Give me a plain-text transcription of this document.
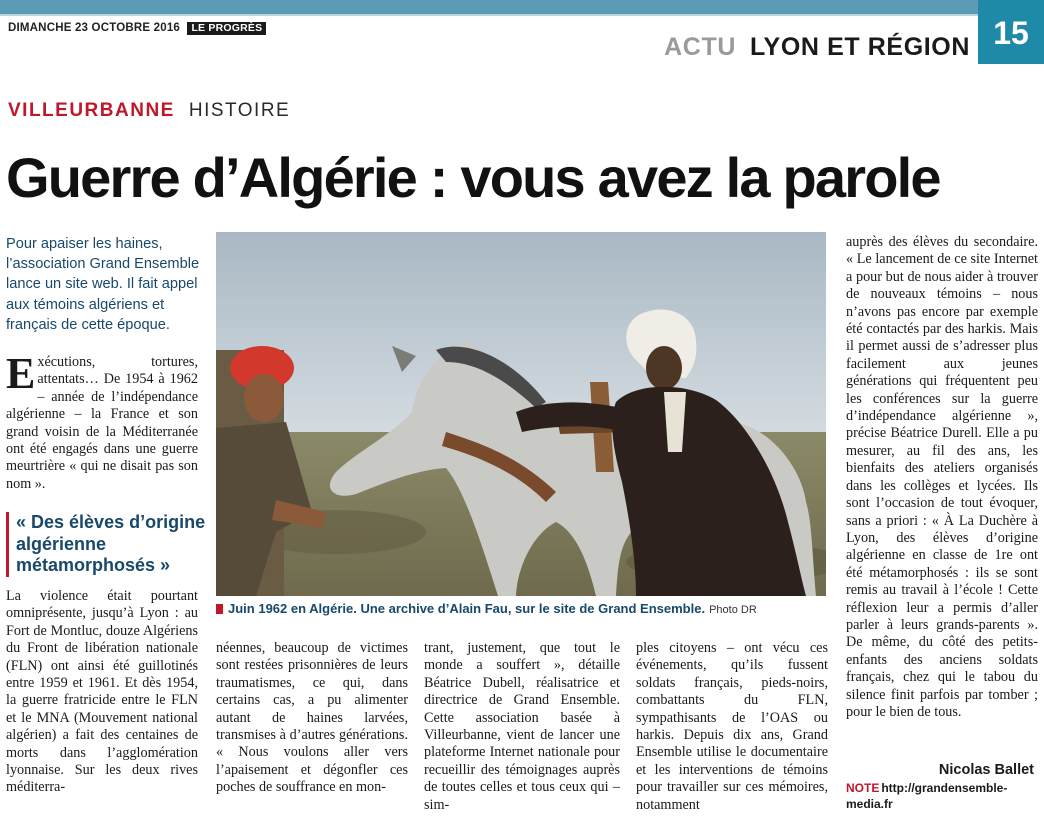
15
DIMANCHE 23 OCTOBRE 2016 LE PROGRÈS
ACTU LYON ET RÉGION
VILLEURBANNE HISTOIRE
Guerre d’Algérie : vous avez la parole
Pour apaiser les haines, l’association Grand Ensemble lance un site web. Il fait appel aux témoins algériens et français de cette époque.

Exécutions, tortures, attentats… De 1954 à 1962 – année de l’indépendance algérienne – la France et son grand voisin de la Méditerranée ont été engagés dans une guerre meurtrière « qui ne disait pas son nom ».

« Des élèves d’origine algérienne métamorphosés »
La violence était pourtant omniprésente, jusqu’à Lyon : au Fort de Montluc, douze Algériens du Front de libération nationale (FLN) ont ainsi été guillotinés entre 1959 et 1961. Et dès 1954, la guerre fratricide entre le FLN et le MNA (Mouvement national algérien) a fait des centaines de morts dans l’agglomération lyonnaise. Sur les deux rives méditerra-
Juin 1962 en Algérie. Une archive d’Alain Fau, sur le site de Grand Ensemble. Photo DR
néennes, beaucoup de victimes sont restées prisonnières de leurs traumatismes, ce qui, dans certains cas, a pu alimenter autant de haines larvées, transmises à d’autres générations. « Nous voulons aller vers l’apaisement et dégonfler ces poches de souffrance en mon-
trant, justement, que tout le monde a souffert », détaille Béatrice Dubell, réalisatrice et directrice de Grand Ensemble. Cette association basée à Villeurbanne, vient de lancer une plateforme Internet nationale pour recueillir des témoignages auprès de toutes celles et tous ceux qui – sim-
ples citoyens – ont vécu ces événements, qu’ils fussent soldats français, pieds-noirs, combattants du FLN, sympathisants de l’OAS ou harkis. Depuis dix ans, Grand Ensemble utilise le documentaire et les interventions de témoins pour travailler sur ces mémoires, notamment
auprès des élèves du secondaire. « Le lancement de ce site Internet a pour but de nous aider à trouver de nouveaux témoins – nous n’avons pas encore par exemple été contactés par des harkis. Mais il permet aussi de s’adresser plus facilement aux jeunes générations qui fréquentent peu les conférences sur la guerre d’indépendance algérienne », précise Béatrice Durell. Elle a pu mesurer, au fil des ans, les bienfaits des ateliers organisés dans les collèges et lycées. Ils sont l’occasion de tout évoquer, sans a priori : « À La Duchère à Lyon, des élèves d’origine algérienne en classe de 1re ont été métamorphosés : ils se sont remis au travail à l’école ! Cette réflexion leur a permis d’aller parler à leurs grands-parents ». De même, du côté des petits-enfants des anciens soldats français, chez qui le tabou du silence finit parfois par tomber ; pour le bien de tous.
Nicolas Ballet
NOTE http://grandensemble-media.fr
